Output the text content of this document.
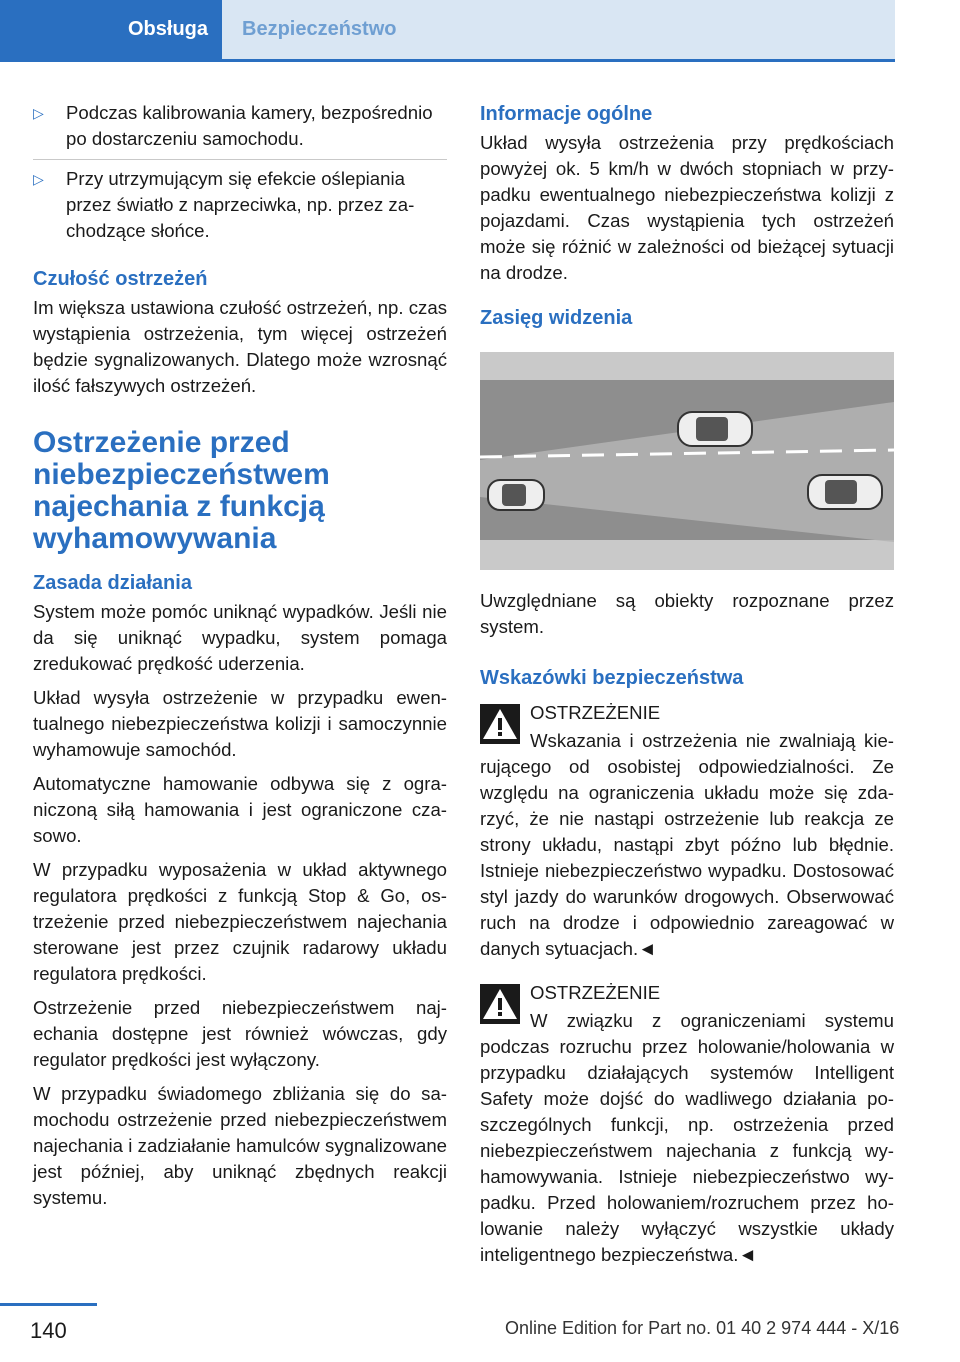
Obsługa	Bezpieczeństwo
▷ Podczas kalibrowania kamery, bezpośrednio po dostarczeniu samochodu.
▷ Przy utrzymującym się efekcie oślepiania przez światło z naprzeciwka, np. przez zachodzące słońce.
Czułość ostrzeżeń

Im większa ustawiona czułość ostrzeżeń, np. czas wystąpienia ostrzeżenia, tym więcej ostrzeżeń będzie sygnalizowanych. Dlatego może wzrosnąć ilość fałszywych ostrzeżeń.

Ostrzeżenie przed niebezpieczeństwem najechania z funkcją wyhamowywania
Zasada działania

System może pomóc uniknąć wypadków. Jeśli nie da się uniknąć wypadku, system pomaga zredukować prędkość uderzenia.

Układ wysyła ostrzeżenie w przypadku ewentualnego niebezpieczeństwa kolizji i samoczynnie wyhamowuje samochód.

Automatyczne hamowanie odbywa się z ograniczoną siłą hamowania i jest ograniczone czasowo.

W przypadku wyposażenia w układ aktywnego regulatora prędkości z funkcją Stop & Go, ostrzeżenie przed niebezpieczeństwem najechania sterowane jest przez czujnik radarowy układu regulatora prędkości.

Ostrzeżenie przed niebezpieczeństwem najechania dostępne jest również wówczas, gdy regulator prędkości jest wyłączony.

W przypadku świadomego zbliżania się do samochodu ostrzeżenie przed niebezpieczeństwem najechania i zadziałanie hamulców sygnalizowane jest później, aby uniknąć zbędnych reakcji systemu.

Informacje ogólne

Układ wysyła ostrzeżenia przy prędkościach powyżej ok. 5 km/h w dwóch stopniach w przypadku ewentualnego niebezpieczeństwa kolizji z pojazdami. Czas wystąpienia tych ostrzeżeń może się różnić w zależności od bieżącej sytuacji na drodze.

Zasięg widzenia

Uwzględniane są obiekty rozpoznane przez system.

Wskazówki bezpieczeństwa
OSTRZEŻENIE

Wskazania i ostrzeżenia nie zwalniają kierującego od osobistej odpowiedzialności. Ze względu na ograniczenia układu może się zdarzyć, że nie nastąpi ostrzeżenie lub reakcja ze strony układu, nastąpi zbyt późno lub błędnie. Istnieje niebezpieczeństwo wypadku. Dostosować styl jazdy do warunków drogowych. Obserwować ruch na drodze i odpowiednio zareagować w danych sytuacjach.◄

OSTRZEŻENIE

W związku z ograniczeniami systemu podczas rozruchu przez holowanie/holowania w przypadku działających systemów Intelligent Safety może dojść do wadliwego działania poszczególnych funkcji, np. ostrzeżenia przed niebezpieczeństwem najechania z funkcją wyhamowywania. Istnieje niebezpieczeństwo wypadku. Przed holowaniem/rozruchem przez holowanie należy wyłączyć wszystkie układy inteligentnego bezpieczeństwa.◄

140	Online Edition for Part no. 01 40 2 974 444 - X/16
